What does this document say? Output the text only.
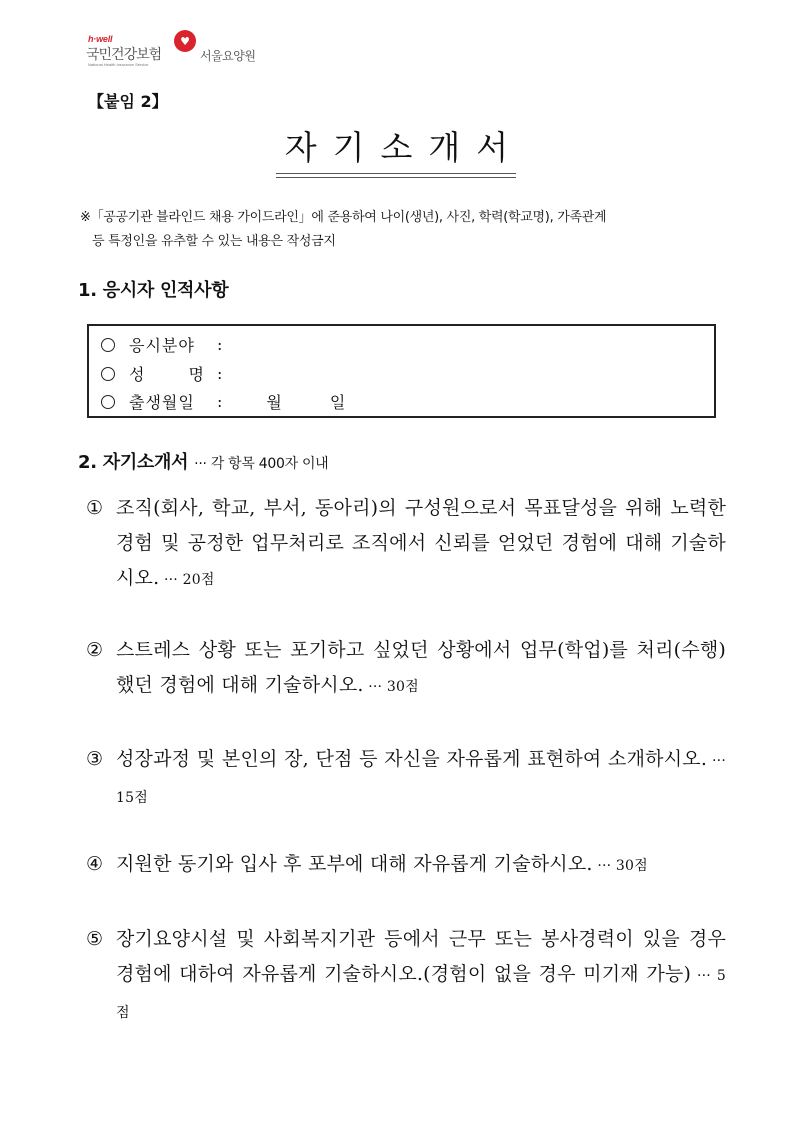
h·well
국민건강보험
National Health Insurance Service
♥
서울요양원
【붙임 2】
자기소개서
※「공공기관 블라인드 채용 가이드라인」에 준용하여 나이(생년), 사진, 학력(학교명), 가족관계
등 특정인을 유추할 수 있는 내용은 작성금지
1. 응시자 인적사항
응시분야	:
성	명 :
출생월일	:	월	일
2. 자기소개서 ··· 각 항목 400자 이내
① 조직(회사, 학교, 부서, 동아리)의 구성원으로서 목표달성을 위해 노력한 경험 및 공정한 업무처리로 조직에서 신뢰를 얻었던 경험에 대해 기술하시오. ··· 20점
② 스트레스 상황 또는 포기하고 싶었던 상황에서 업무(학업)를 처리(수행)했던 경험에 대해 기술하시오. ··· 30점
③ 성장과정 및 본인의 장, 단점 등 자신을 자유롭게 표현하여 소개하시오. ··· 15점
④ 지원한 동기와 입사 후 포부에 대해 자유롭게 기술하시오. ··· 30점
⑤ 장기요양시설 및 사회복지기관 등에서 근무 또는 봉사경력이 있을 경우 경험에 대하여 자유롭게 기술하시오.(경험이 없을 경우 미기재 가능) ··· 5점
